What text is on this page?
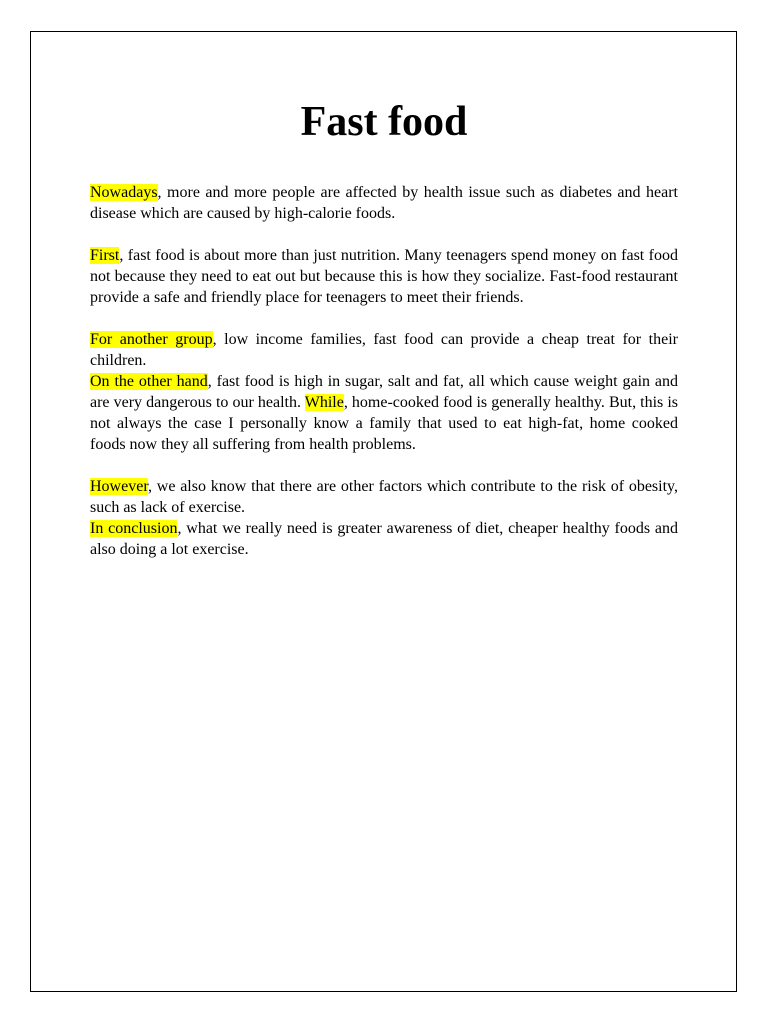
Fast food

Nowadays, more and more people are affected by health issue such as diabetes and heart disease which are caused by high-calorie foods.

First, fast food is about more than just nutrition. Many teenagers spend money on fast food not because they need to eat out but because this is how they socialize. Fast-food restaurant provide a safe and friendly place for teenagers to meet their friends.

For another group, low income families, fast food can provide a cheap treat for their children.

On the other hand, fast food is high in sugar, salt and fat, all which cause weight gain and are very dangerous to our health. While, home-cooked food is generally healthy. But, this is not always the case I personally know a family that used to eat high-fat, home cooked foods now they all suffering from health problems.

However, we also know that there are other factors which contribute to the risk of obesity, such as lack of exercise.

In conclusion, what we really need is greater awareness of diet, cheaper healthy foods and also doing a lot exercise.
